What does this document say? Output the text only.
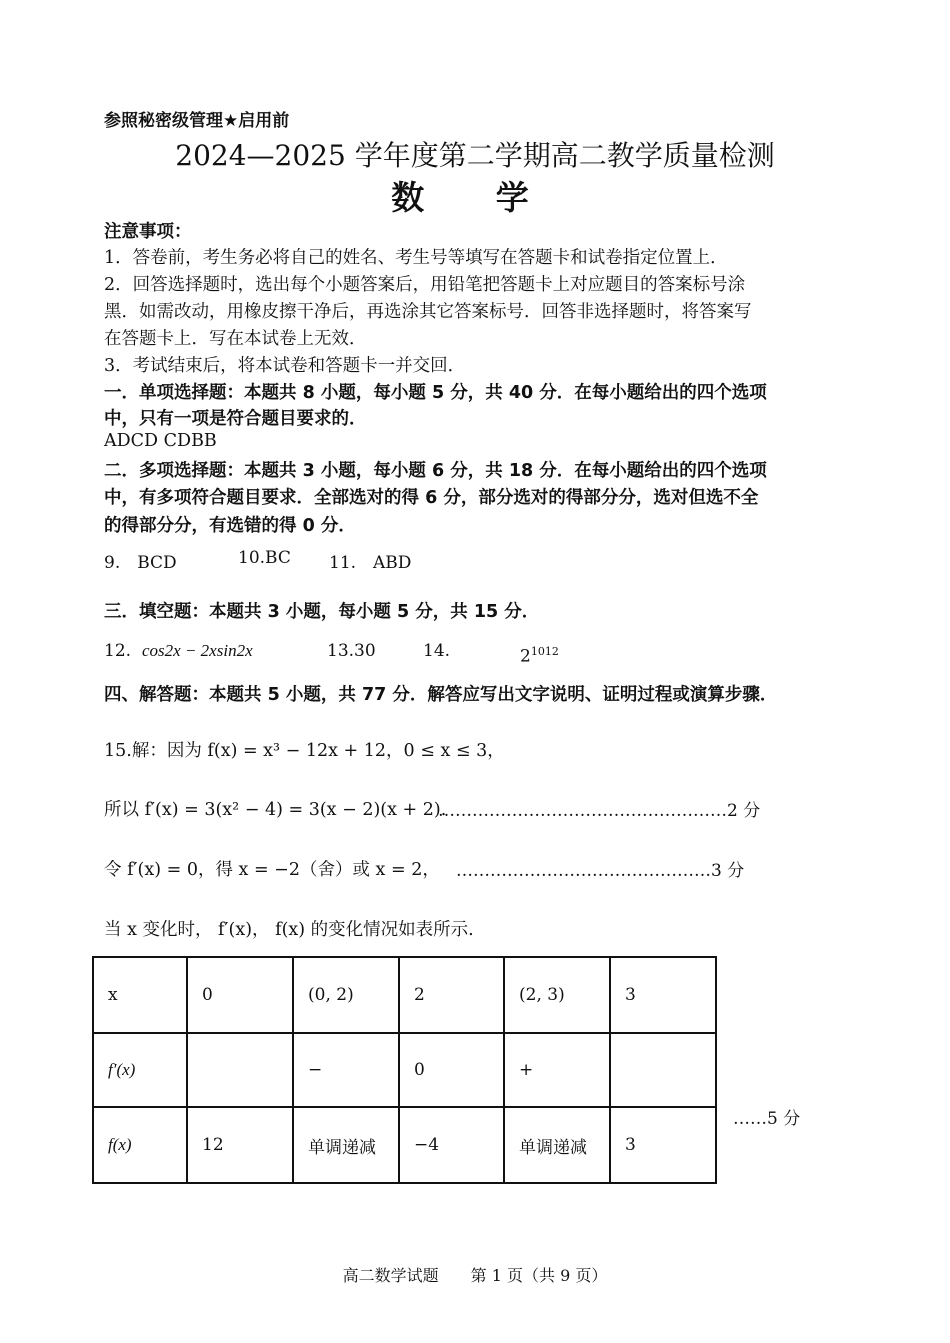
参照秘密级管理★启用前
2024—2025 学年度第二学期高二教学质量检测
数 学
注意事项：
1．答卷前，考生务必将自己的姓名、考生号等填写在答题卡和试卷指定位置上．
2．回答选择题时，选出每个小题答案后，用铅笔把答题卡上对应题目的答案标号涂
黑．如需改动，用橡皮擦干净后，再选涂其它答案标号．回答非选择题时，将答案写
在答题卡上．写在本试卷上无效．
3．考试结束后，将本试卷和答题卡一并交回．
一．单项选择题：本题共 8 小题，每小题 5 分，共 40 分．在每小题给出的四个选项
中，只有一项是符合题目要求的．
ADCD CDBB
二．多项选择题：本题共 3 小题，每小题 6 分，共 18 分．在每小题给出的四个选项
中，有多项符合题目要求．全部选对的得 6 分，部分选对的得部分分，选对但选不全
的得部分分，有选错的得 0 分．
9.　BCD	10.BC 11.　ABD
三．填空题：本题共 3 小题，每小题 5 分，共 15 分．
12. cos2x − 2xsin2x	13.30	14.	$2^{1012}$
四、解答题：本题共 5 小题，共 77 分．解答应写出文字说明、证明过程或演算步骤．
15.解：因为 f(x) = x³ − 12x + 12，0 ≤ x ≤ 3，
所以 f′(x) = 3(x² − 4) = 3(x − 2)(x + 2).
……………………………………………2 分
令 f′(x) = 0，得 x = −2（舍）或 x = 2， ………………………………………3 分
当 x 变化时， f′(x)， f(x) 的变化情况如表所示.
x	0	(0, 2)	2	(2, 3)	3
f′(x)		−	0	+	
f(x)	12	单调递减	−4	单调递减	3
……5 分
高二数学试题　　第 1 页（共 9 页）
